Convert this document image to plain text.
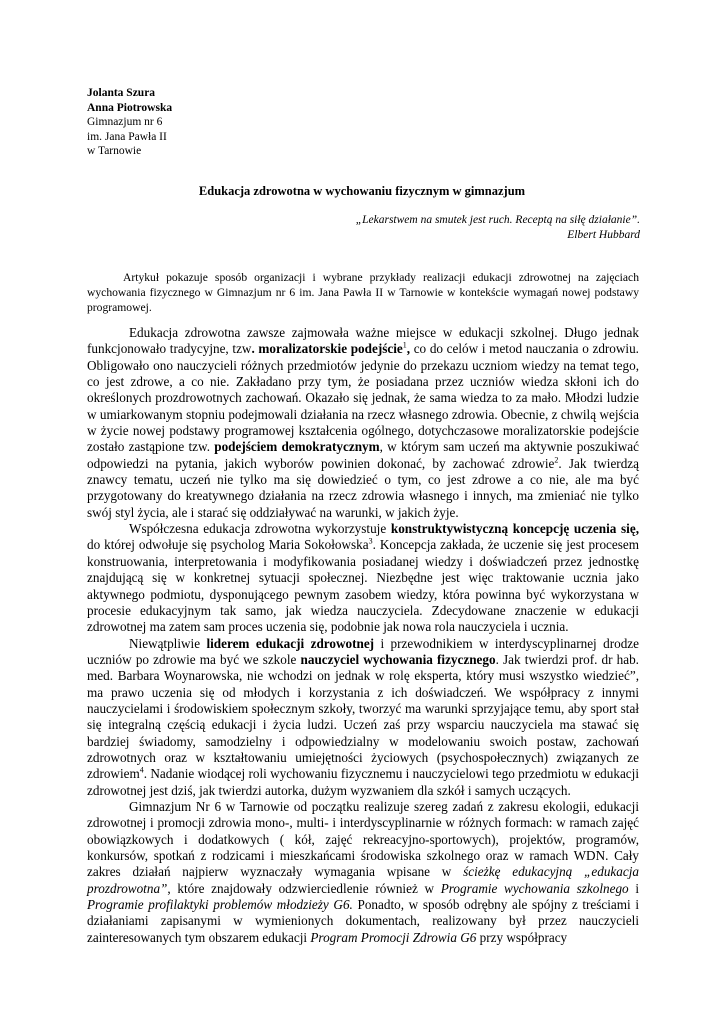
Jolanta Szura
Anna Piotrowska
Gimnazjum nr 6
im. Jana Pawła II
w Tarnowie
Edukacja zdrowotna w wychowaniu fizycznym w gimnazjum
„Lekarstwem na smutek jest ruch. Receptą na siłę działanie”.
Elbert Hubbard
Artykuł pokazuje sposób organizacji i wybrane przykłady realizacji edukacji zdrowotnej na zajęciach wychowania fizycznego w Gimnazjum nr 6 im. Jana Pawła II w Tarnowie w kontekście wymagań nowej podstawy programowej.

Edukacja zdrowotna zawsze zajmowała ważne miejsce w edukacji szkolnej. Długo jednak funkcjonowało tradycyjne, tzw. moralizatorskie podejście$^1$, co do celów i metod nauczania o zdrowiu. Obligowało ono nauczycieli różnych przedmiotów jedynie do przekazu uczniom wiedzy na temat tego, co jest zdrowe, a co nie. Zakładano przy tym, że posiadana przez uczniów wiedza skłoni ich do określonych prozdrowotnych zachowań. Okazało się jednak, że sama wiedza to za mało. Młodzi ludzie w umiarkowanym stopniu podejmowali działania na rzecz własnego zdrowia. Obecnie, z chwilą wejścia w życie nowej podstawy programowej kształcenia ogólnego, dotychczasowe moralizatorskie podejście zostało zastąpione tzw. podejściem demokratycznym, w którym sam uczeń ma aktywnie poszukiwać odpowiedzi na pytania, jakich wyborów powinien dokonać, by zachować zdrowie$^2$. Jak twierdzą znawcy tematu, uczeń nie tylko ma się dowiedzieć o tym, co jest zdrowe a co nie, ale ma być przygotowany do kreatywnego działania na rzecz zdrowia własnego i innych, ma zmieniać nie tylko swój styl życia, ale i starać się oddziaływać na warunki, w jakich żyje.

Współczesna edukacja zdrowotna wykorzystuje konstruktywistyczną koncepcję uczenia się, do której odwołuje się psycholog Maria Sokołowska$^3$. Koncepcja zakłada, że uczenie się jest procesem konstruowania, interpretowania i modyfikowania posiadanej wiedzy i doświadczeń przez jednostkę znajdującą się w konkretnej sytuacji społecznej. Niezbędne jest więc traktowanie ucznia jako aktywnego podmiotu, dysponującego pewnym zasobem wiedzy, która powinna być wykorzystana w procesie edukacyjnym tak samo, jak wiedza nauczyciela. Zdecydowane znaczenie w edukacji zdrowotnej ma zatem sam proces uczenia się, podobnie jak nowa rola nauczyciela i ucznia.

Niewątpliwie liderem edukacji zdrowotnej i przewodnikiem w interdyscyplinarnej drodze uczniów po zdrowie ma być we szkole nauczyciel wychowania fizycznego. Jak twierdzi prof. dr hab. med. Barbara Woynarowska, nie wchodzi on jednak w rolę eksperta, który musi wszystko wiedzieć”, ma prawo uczenia się od młodych i korzystania z ich doświadczeń. We współpracy z innymi nauczycielami i środowiskiem społecznym szkoły, tworzyć ma warunki sprzyjające temu, aby sport stał się integralną częścią edukacji i życia ludzi. Uczeń zaś przy wsparciu nauczyciela ma stawać się bardziej świadomy, samodzielny i odpowiedzialny w modelowaniu swoich postaw, zachowań zdrowotnych oraz w kształtowaniu umiejętności życiowych (psychospołecznych) związanych ze zdrowiem$^4$. Nadanie wiodącej roli wychowaniu fizycznemu i nauczycielowi tego przedmiotu w edukacji zdrowotnej jest dziś, jak twierdzi autorka, dużym wyzwaniem dla szkół i samych uczących.

Gimnazjum Nr 6 w Tarnowie od początku realizuje szereg zadań z zakresu ekologii, edukacji zdrowotnej i promocji zdrowia mono-, multi- i interdyscyplinarnie w różnych formach: w ramach zajęć obowiązkowych i dodatkowych ( kół, zajęć rekreacyjno-sportowych), projektów, programów, konkursów, spotkań z rodzicami i mieszkańcami środowiska szkolnego oraz w ramach WDN. Cały zakres działań najpierw wyznaczały wymagania wpisane w ścieżkę edukacyjną „edukacja prozdrowotna”, które znajdowały odzwierciedlenie również w Programie wychowania szkolnego i Programie profilaktyki problemów młodzieży G6. Ponadto, w sposób odrębny ale spójny z treściami i działaniami zapisanymi w wymienionych dokumentach, realizowany był przez nauczycieli zainteresowanych tym obszarem edukacji Program Promocji Zdrowia G6 przy współpracy
